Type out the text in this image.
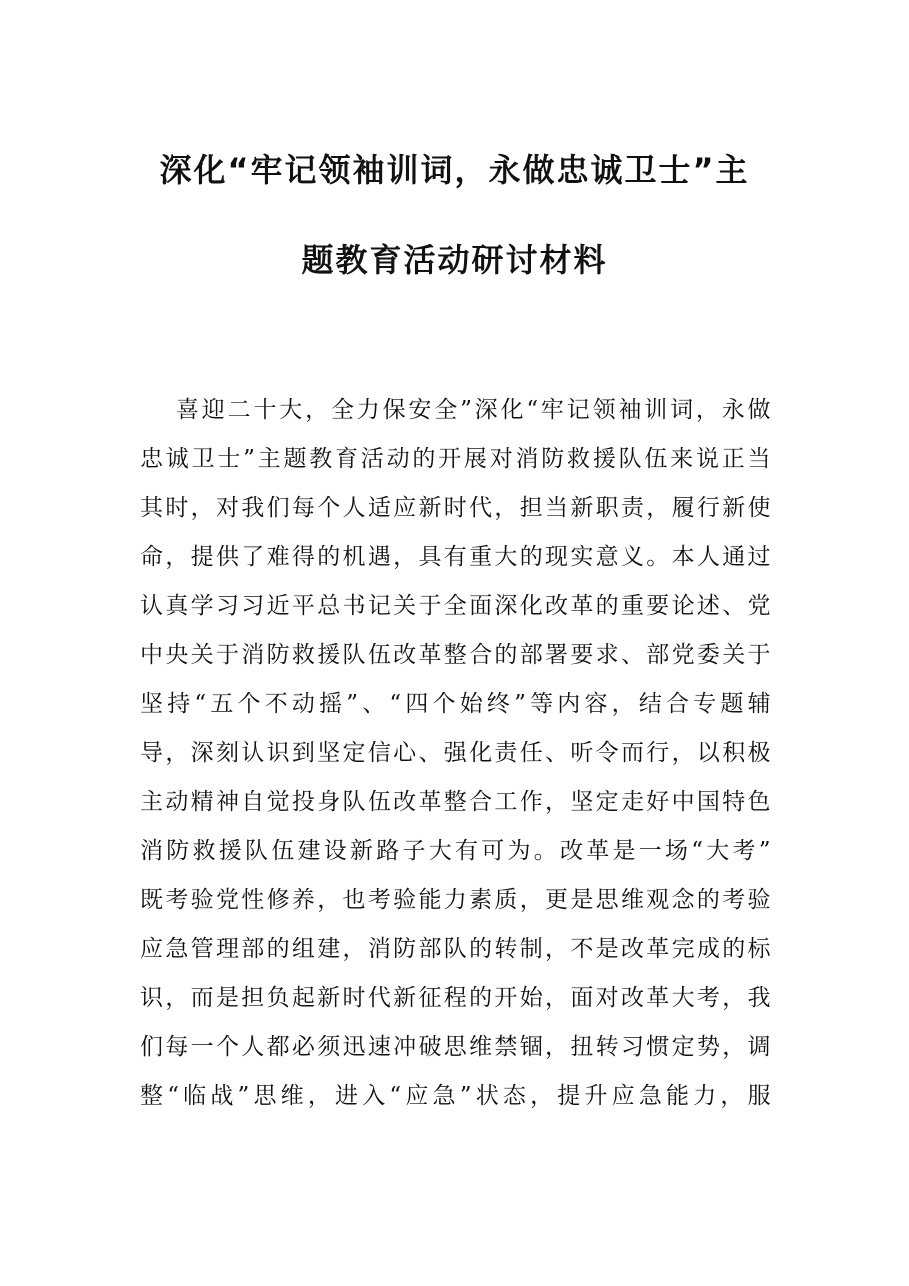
深化“牢记领袖训词，永做忠诚卫士”主
题教育活动研讨材料

喜 迎 二 十 大 ， 全 力 保 安 全 ” 深 化 “ 牢 记 领 袖 训 词 ， 永 做
忠 诚 卫 士 ” 主 题 教 育 活 动 的 开 展 对 消 防 救 援 队 伍 来 说 正 当
其 时 ， 对 我 们 每 个 人 适 应 新 时 代 ， 担 当 新 职 责 ， 履 行 新 使
命 ， 提 供 了 难 得 的 机 遇 ， 具 有 重 大 的 现 实 意 义 。 本 人 通 过
认 真 学 习 习 近 平 总 书 记 关 于 全 面 深 化 改 革 的 重 要 论 述 、 党
中 央 关 于 消 防 救 援 队 伍 改 革 整 合 的 部 署 要 求 、 部 党 委 关 于
坚 持 “ 五 个 不 动 摇 ” 、 “ 四 个 始 终 ” 等 内 容 ， 结 合 专 题 辅
导 ， 深 刻 认 识 到 坚 定 信 心 、 强 化 责 任 、 听 令 而 行 ， 以 积 极
主 动 精 神 自 觉 投 身 队 伍 改 革 整 合 工 作 ， 坚 定 走 好 中 国 特 色
消 防 救 援 队 伍 建 设 新 路 子 大 有 可 为 。 改 革 是 一 场 “ 大 考 ”
既 考 验 党 性 修 养 ， 也 考 验 能 力 素 质 ， 更 是 思 维 观 念 的 考 验
应 急 管 理 部 的 组 建 ， 消 防 部 队 的 转 制 ， 不 是 改 革 完 成 的 标
识 ， 而 是 担 负 起 新 时 代 新 征 程 的 开 始 ， 面 对 改 革 大 考 ， 我
们 每 一 个 人 都 必 须 迅 速 冲 破 思 维 禁 锢 ， 扭 转 习 惯 定 势 ， 调
整 “ 临 战 ” 思 维 ， 进 入 “ 应 急 ” 状 态 ， 提 升 应 急 能 力 ， 服
